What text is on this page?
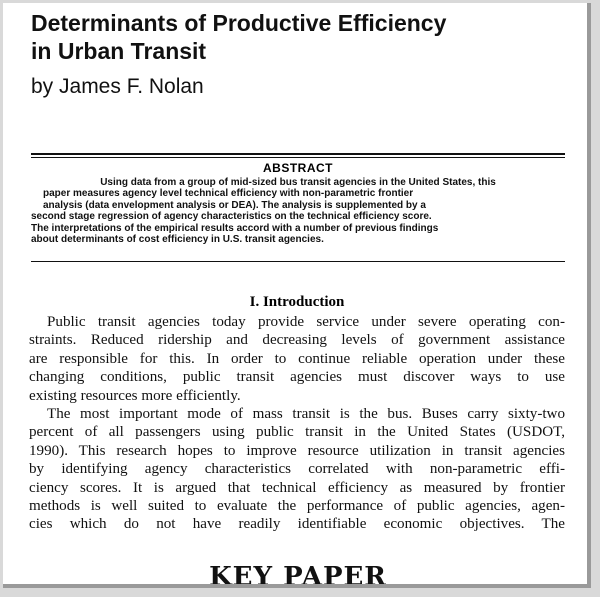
Determinants of Productive Efficiency
in Urban Transit
by James F. Nolan
ABSTRACT
Using data from a group of mid-sized bus transit agencies in the United States, this
paper measures agency level technical efficiency with non-parametric frontier
analysis (data envelopment analysis or DEA). The analysis is supplemented by a
second stage regression of agency characteristics on the technical efficiency score.
The interpretations of the empirical results accord with a number of previous findings
about determinants of cost efficiency in U.S. transit agencies.
I. Introduction
Public transit agencies today provide service under severe operating con-
straints. Reduced ridership and decreasing levels of government assistance
are responsible for this. In order to continue reliable operation under these
changing conditions, public transit agencies must discover ways to use
existing resources more efficiently.
The most important mode of mass transit is the bus. Buses carry sixty-two
percent of all passengers using public transit in the United States (USDOT,
1990). This research hopes to improve resource utilization in transit agencies
by identifying agency characteristics correlated with non-parametric effi-
ciency scores. It is argued that technical efficiency as measured by frontier
methods is well suited to evaluate the performance of public agencies, agen-
cies which do not have readily identifiable economic objectives. The
KEY PAPER
